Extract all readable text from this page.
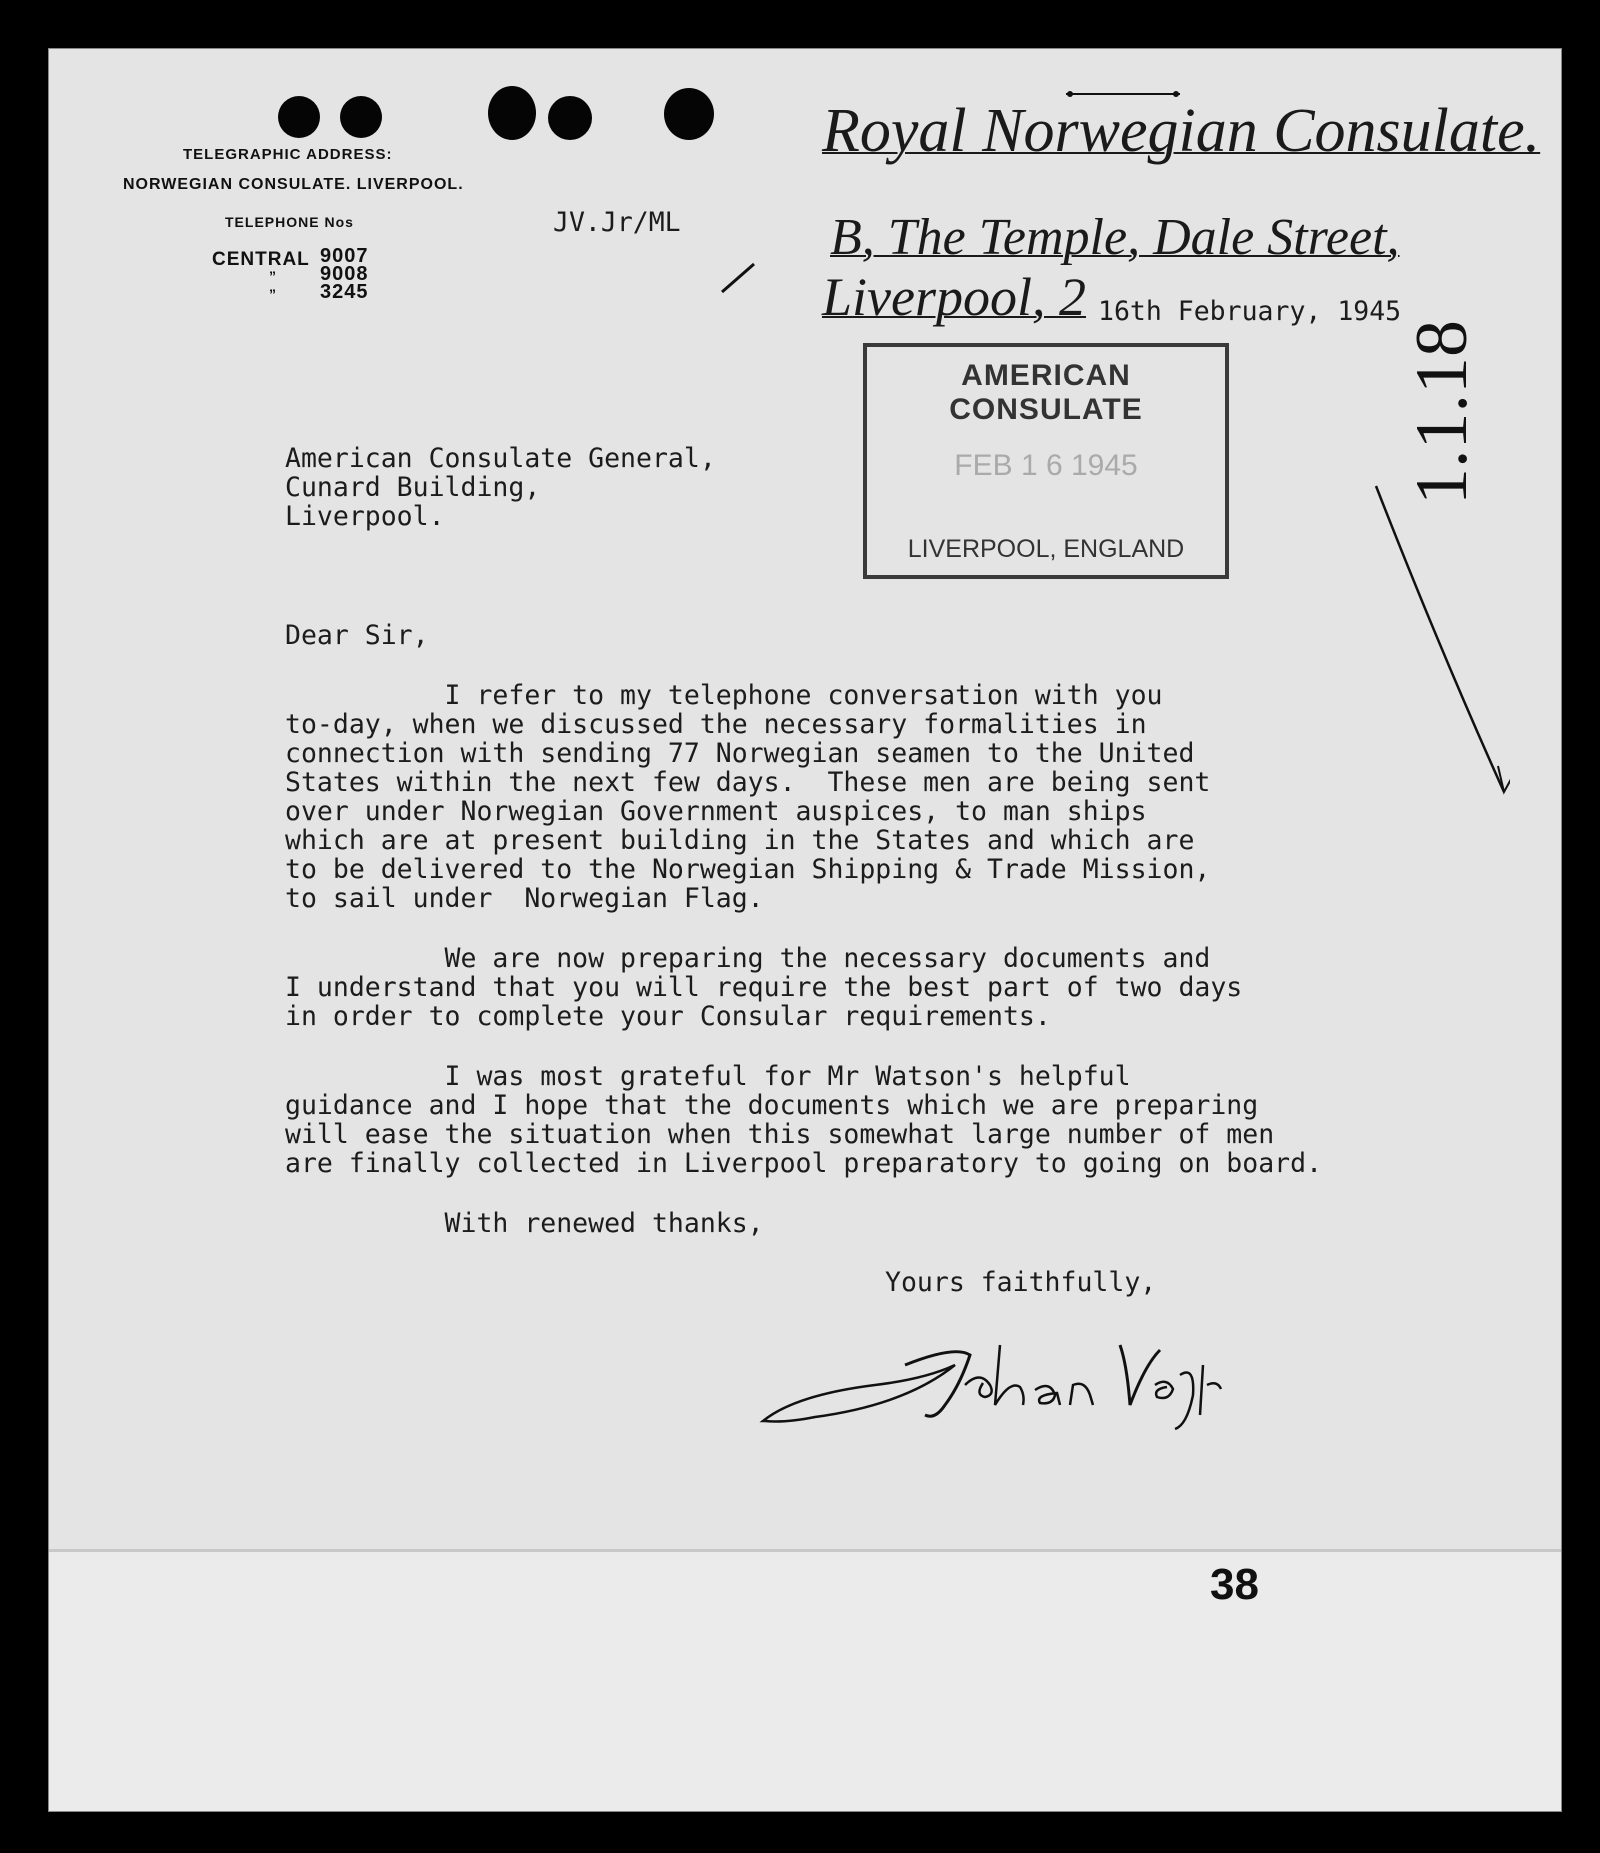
TELEGRAPHIC ADDRESS:
NORWEGIAN CONSULATE. LIVERPOOL.
TELEPHONE Nos
CENTRAL 9007
” 9008
” 3245
JV.Jr/ML
Royal Norwegian Consulate.
B, The Temple, Dale Street,
Liverpool, 2 16th February, 1945
AMERICAN CONSULATE
FEB 1 6 1945
LIVERPOOL, ENGLAND
1.1.18
American Consulate General,
Cunard Building,
Liverpool.
Dear Sir,
I refer to my telephone conversation with you
to-day, when we discussed the necessary formalities in
connection with sending 77 Norwegian seamen to the United
States within the next few days.  These men are being sent
over under Norwegian Government auspices, to man ships
which are at present building in the States and which are
to be delivered to the Norwegian Shipping & Trade Mission,
to sail under  Norwegian Flag.
We are now preparing the necessary documents and
I understand that you will require the best part of two days
in order to complete your Consular requirements.
I was most grateful for Mr Watson's helpful
guidance and I hope that the documents which we are preparing
will ease the situation when this somewhat large number of men
are finally collected in Liverpool preparatory to going on board.
With renewed thanks,
Yours faithfully,
38
